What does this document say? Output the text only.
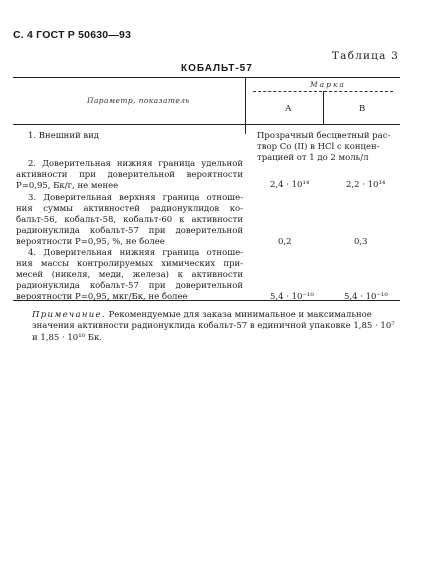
С. 4 ГОСТ Р 50630—93
Таблица 3
КОБАЛЬТ-57
Параметр, показатель
Марка
А	В
1. Внешний вид	Прозрачный бесцветный рас-
твор Co (II) в HCl с концен-
трацией от 1 до 2 моль/л
2. Доверительная нижняя граница удельной
активности при доверительной вероятности
P=0,95, Бк/г, не менее	2,4 · 10¹⁴	2,2 · 10¹⁴
3. Доверительная верхняя граница отноше-
ния суммы активностей радионуклидов ко-
бальт-56, кобальт-58, кобальт-60 к активности
радионуклида кобальт-57 при доверительной
вероятности P=0,95, %, не более	0,2	0,3
4. Доверительная нижняя граница отноше-
ния массы контролируемых химических при-
месей (никеля, меди, железа) к активности
радионуклида кобальт-57 при доверительной
вероятности P=0,95, мкг/Бк, не более	5,4 · 10⁻¹⁰	5,4 · 10⁻¹⁰
Примечание. Рекомендуемые для заказа минимальное и максимальное значения активности радионуклида кобальт-57 в единичной упаковке 1,85 · 10⁷ и 1,85 · 10¹⁰ Бк.
